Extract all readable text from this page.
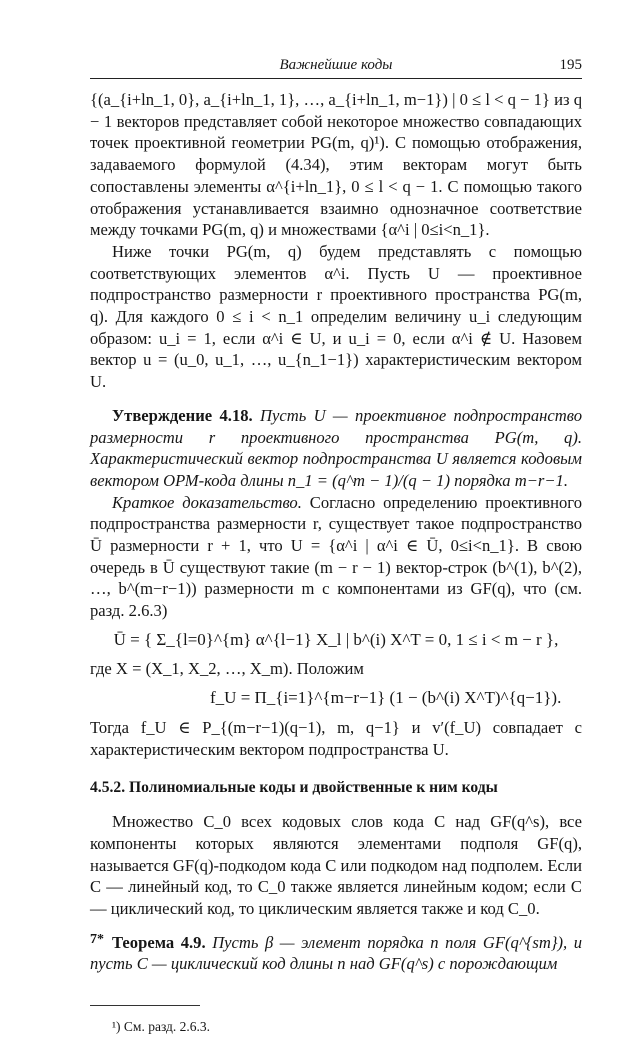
Важнейшие коды	195

{(a_{i+ln_1, 0}, a_{i+ln_1, 1}, …, a_{i+ln_1, m−1}) | 0 ≤ l < q − 1} из q − 1 векторов представляет собой некоторое множество совпадающих точек проективной геометрии PG(m, q)¹). С помощью отображения, задаваемого формулой (4.34), этим векторам могут быть сопоставлены элементы α^{i+ln_1}, 0 ≤ l < q − 1. С помощью такого отображения устанавливается взаимно однозначное соответствие между точками PG(m, q) и множествами {α^i | 0≤i<n_1}.

Ниже точки PG(m, q) будем представлять с помощью соответствующих элементов α^i. Пусть U — проективное подпространство размерности r проективного пространства PG(m, q). Для каждого 0 ≤ i < n_1 определим величину u_i следующим образом: u_i = 1, если α^i ∈ U, и u_i = 0, если α^i ∉ U. Назовем вектор u = (u_0, u_1, …, u_{n_1−1}) характеристическим вектором U.

Утверждение 4.18. Пусть U — проективное подпространство размерности r проективного пространства PG(m, q). Характеристический вектор подпространства U является кодовым вектором ОРМ-кода длины n_1 = (q^m − 1)/(q − 1) порядка m−r−1.

Краткое доказательство. Согласно определению проективного подпространства размерности r, существует такое подпространство Ū размерности r + 1, что U = {α^i | α^i ∈ Ū, 0≤i<n_1}. В свою очередь в Ū существуют такие (m − r − 1) вектор-строк (b^(1), b^(2), …, b^(m−r−1)) размерности m с компонентами из GF(q), что (см. разд. 2.6.3)

Ū = { Σ_{l=0}^{m} α^{l−1} X_l | b^(i) X^T = 0, 1 ≤ i < m − r },

где X = (X_1, X_2, …, X_m). Положим

f_U = Π_{i=1}^{m−r−1} (1 − (b^(i) X^T)^{q−1}).

Тогда f_U ∈ P_{(m−r−1)(q−1), m, q−1} и v′(f_U) совпадает с характеристическим вектором подпространства U.

4.5.2. Полиномиальные коды и двойственные к ним коды

Множество C_0 всех кодовых слов кода C над GF(q^s), все компоненты которых являются элементами подполя GF(q), называется GF(q)-подкодом кода C или подкодом над подполем. Если C — линейный код, то C_0 также является линейным кодом; если C — циклический код, то циклическим является также и код C_0.

Теорема 4.9. Пусть β — элемент порядка n поля GF(q^{sm}), и пусть C — циклический код длины n над GF(q^s) с порождающим

¹) См. разд. 2.6.3.
7*
